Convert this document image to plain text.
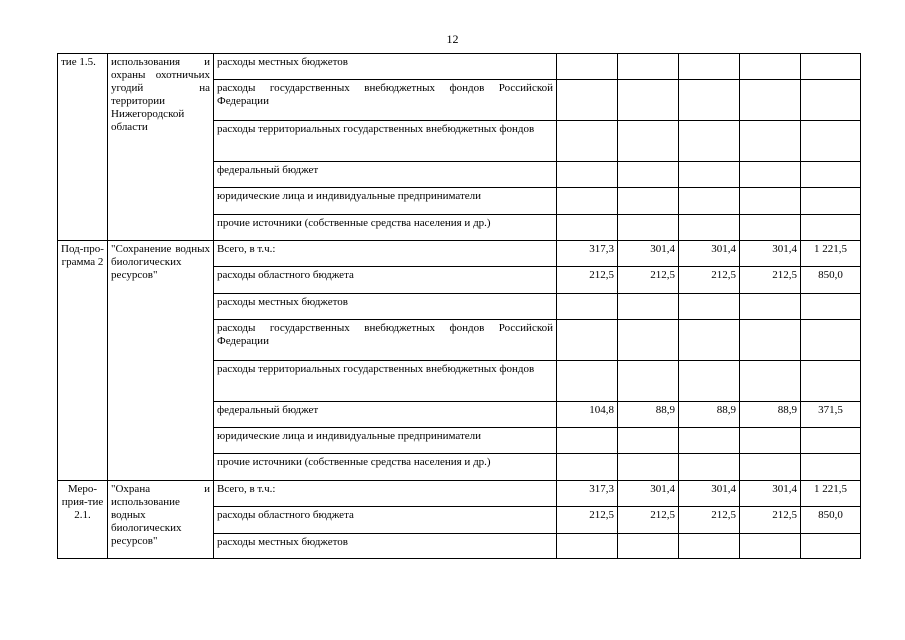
12
тие 1.5.	использования и охраны охотничьих угодий на территории Нижегородской области	расходы местных бюджетов					
		расходы государственных внебюджетных фондов Российской Федерации					
		расходы территориальных государственных внебюджетных фондов					
		федеральный бюджет					
		юридические лица и индивидуальные предприниматели					
		прочие источники (собственные средства населения и др.)					
Под-про-грамма 2	"Сохранение водных биологических ресурсов"	Всего, в т.ч.:	317,3	301,4	301,4	301,4	1 221,5
		расходы областного бюджета	212,5	212,5	212,5	212,5	850,0
		расходы местных бюджетов					
		расходы государственных внебюджетных фондов Российской Федерации					
		расходы территориальных государственных внебюджетных фондов					
		федеральный бюджет	104,8	88,9	88,9	88,9	371,5
		юридические лица и индивидуальные предприниматели					
		прочие источники (собственные средства населения и др.)					
Меро-прия-тие 2.1.	"Охрана и использование водных биологических ресурсов"	Всего, в т.ч.:	317,3	301,4	301,4	301,4	1 221,5
		расходы областного бюджета	212,5	212,5	212,5	212,5	850,0
		расходы местных бюджетов					
